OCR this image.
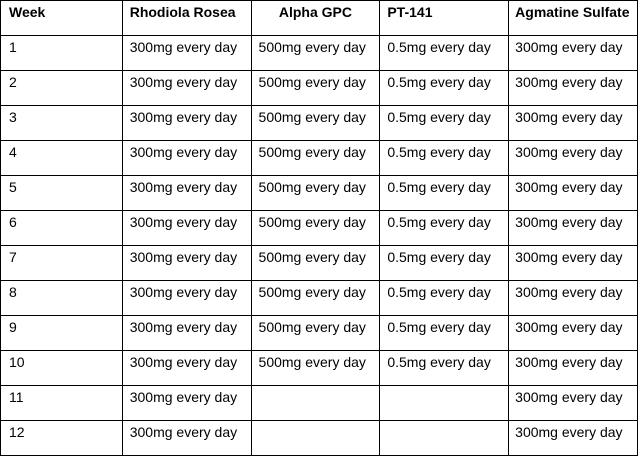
Week	Rhodiola Rosea	Alpha GPC	PT-141	Agmatine Sulfate

1	300mg every day	500mg every day	0.5mg every day	300mg every day

2	300mg every day	500mg every day	0.5mg every day	300mg every day

3	300mg every day	500mg every day	0.5mg every day	300mg every day

4	300mg every day	500mg every day	0.5mg every day	300mg every day

5	300mg every day	500mg every day	0.5mg every day	300mg every day

6	300mg every day	500mg every day	0.5mg every day	300mg every day

7	300mg every day	500mg every day	0.5mg every day	300mg every day

8	300mg every day	500mg every day	0.5mg every day	300mg every day

9	300mg every day	500mg every day	0.5mg every day	300mg every day

10	300mg every day	500mg every day	0.5mg every day	300mg every day

11	300mg every day			300mg every day

12	300mg every day			300mg every day
